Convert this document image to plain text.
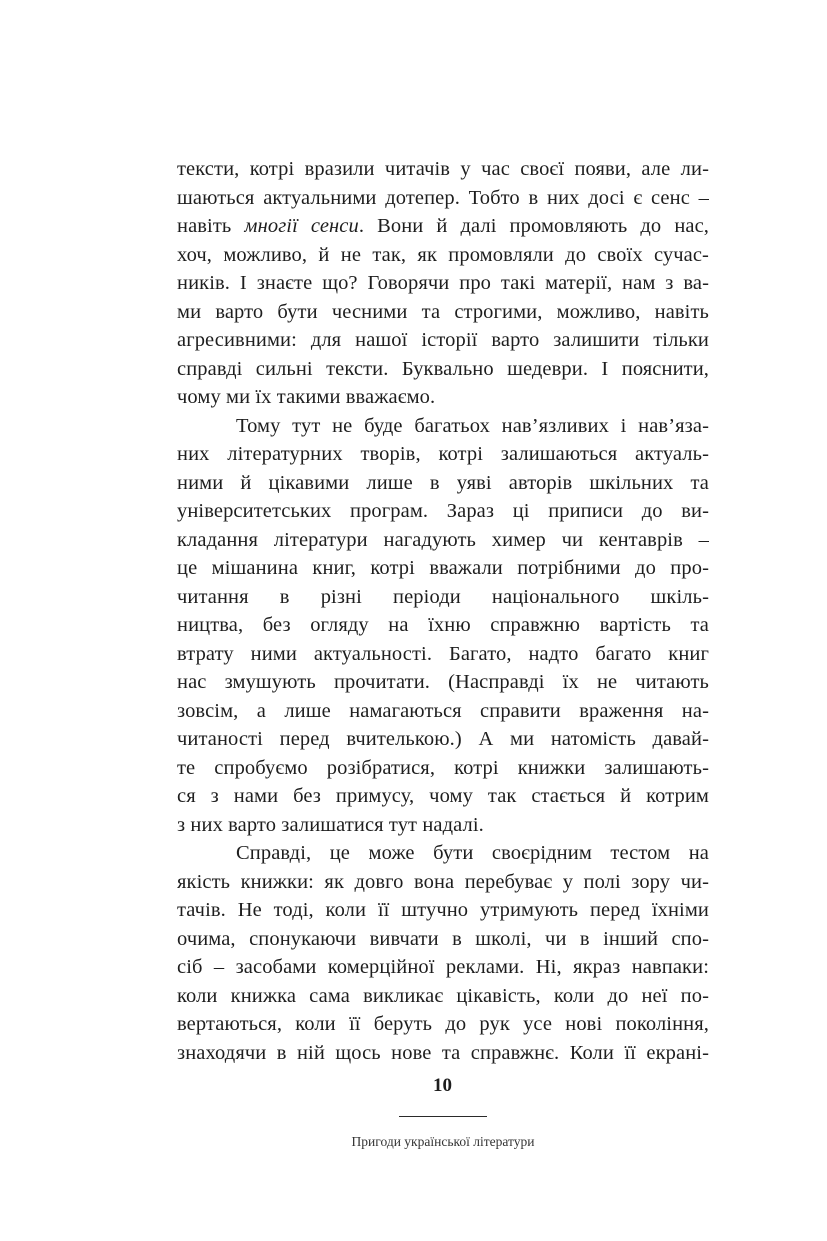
тексти, котрі вразили читачів у час своєї появи, але ли-
шаються актуальними дотепер. Тобто в них досі є сенс –
навіть многії сенси. Вони й далі промовляють до нас,
хоч, можливо, й не так, як промовляли до своїх сучас-
ників. І знаєте що? Говорячи про такі матерії, нам з ва-
ми варто бути чесними та строгими, можливо, навіть
агресивними: для нашої історії варто залишити тільки
справді сильні тексти. Буквально шедеври. І пояснити,
чому ми їх такими вважаємо.
Тому тут не буде багатьох нав’язливих і нав’яза-
них літературних творів, котрі залишаються актуаль-
ними й цікавими лише в уяві авторів шкільних та
університетських програм. Зараз ці приписи до ви-
кладання літератури нагадують химер чи кентаврів –
це мішанина книг, котрі вважали потрібними до про-
читання в різні періоди національного шкіль-
ництва, без огляду на їхню справжню вартість та
втрату ними актуальності. Багато, надто багато книг
нас змушують прочитати. (Насправді їх не читають
зовсім, а лише намагаються справити враження на-
читаності перед вчителькою.) А ми натомість давай-
те спробуємо розібратися, котрі книжки залишають-
ся з нами без примусу, чому так стається й котрим
з них варто залишатися тут надалі.
Справді, це може бути своєрідним тестом на
якість книжки: як довго вона перебуває у полі зору чи-
тачів. Не тоді, коли її штучно утримують перед їхніми
очима, спонукаючи вивчати в школі, чи в інший спо-
сіб – засобами комерційної реклами. Ні, якраз навпаки:
коли книжка сама викликає цікавість, коли до неї по-
вертаються, коли її беруть до рук усе нові покоління,
знаходячи в ній щось нове та справжнє. Коли її екрані-
10
Пригоди української літератури
